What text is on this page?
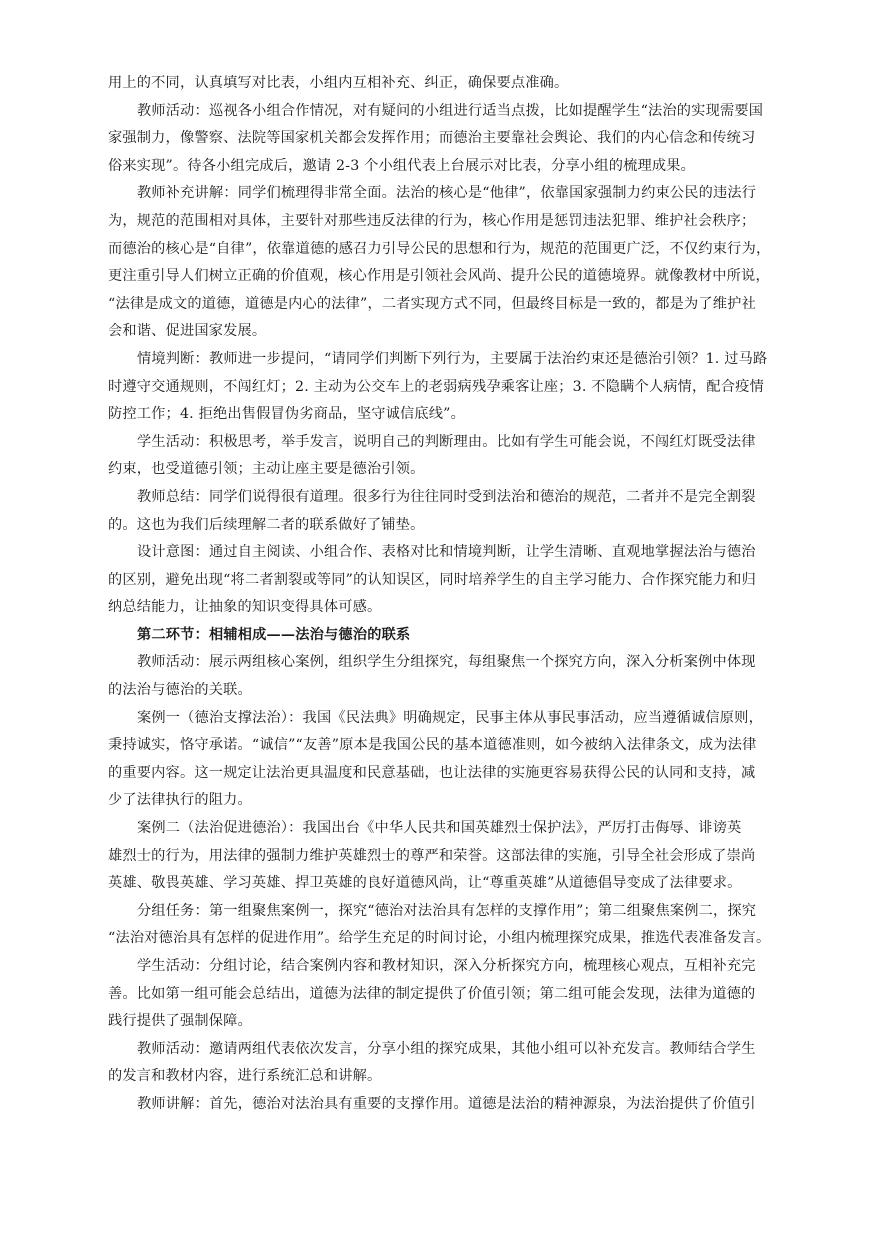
用上的不同，认真填写对比表，小组内互相补充、纠正，确保要点准确。
教师活动：巡视各小组合作情况，对有疑问的小组进行适当点拨，比如提醒学生“法治的实现需要国
家强制力，像警察、法院等国家机关都会发挥作用；而德治主要靠社会舆论、我们的内心信念和传统习
俗来实现”。待各小组完成后，邀请 2-3 个小组代表上台展示对比表，分享小组的梳理成果。
教师补充讲解：同学们梳理得非常全面。法治的核心是“他律”，依靠国家强制力约束公民的违法行
为，规范的范围相对具体，主要针对那些违反法律的行为，核心作用是惩罚违法犯罪、维护社会秩序；
而德治的核心是“自律”，依靠道德的感召力引导公民的思想和行为，规范的范围更广泛，不仅约束行为，
更注重引导人们树立正确的价值观，核心作用是引领社会风尚、提升公民的道德境界。就像教材中所说，
“法律是成文的道德，道德是内心的法律”，二者实现方式不同，但最终目标是一致的，都是为了维护社
会和谐、促进国家发展。
情境判断：教师进一步提问，“请同学们判断下列行为，主要属于法治约束还是德治引领？1. 过马路
时遵守交通规则，不闯红灯；2. 主动为公交车上的老弱病残孕乘客让座；3. 不隐瞒个人病情，配合疫情
防控工作；4. 拒绝出售假冒伪劣商品，坚守诚信底线”。
学生活动：积极思考，举手发言，说明自己的判断理由。比如有学生可能会说，不闯红灯既受法律
约束，也受道德引领；主动让座主要是德治引领。
教师总结：同学们说得很有道理。很多行为往往同时受到法治和德治的规范，二者并不是完全割裂
的。这也为我们后续理解二者的联系做好了铺垫。
设计意图：通过自主阅读、小组合作、表格对比和情境判断，让学生清晰、直观地掌握法治与德治
的区别，避免出现“将二者割裂或等同”的认知误区，同时培养学生的自主学习能力、合作探究能力和归
纳总结能力，让抽象的知识变得具体可感。
第二环节：相辅相成——法治与德治的联系
教师活动：展示两组核心案例，组织学生分组探究，每组聚焦一个探究方向，深入分析案例中体现
的法治与德治的关联。
案例一（德治支撑法治）：我国《民法典》明确规定，民事主体从事民事活动，应当遵循诚信原则，
秉持诚实，恪守承诺。“诚信”“友善”原本是我国公民的基本道德准则，如今被纳入法律条文，成为法律
的重要内容。这一规定让法治更具温度和民意基础，也让法律的实施更容易获得公民的认同和支持，减
少了法律执行的阻力。
案例二（法治促进德治）：我国出台《中华人民共和国英雄烈士保护法》，严厉打击侮辱、诽谤英
雄烈士的行为，用法律的强制力维护英雄烈士的尊严和荣誉。这部法律的实施，引导全社会形成了崇尚
英雄、敬畏英雄、学习英雄、捍卫英雄的良好道德风尚，让“尊重英雄”从道德倡导变成了法律要求。
分组任务：第一组聚焦案例一，探究“德治对法治具有怎样的支撑作用”；第二组聚焦案例二，探究
“法治对德治具有怎样的促进作用”。给学生充足的时间讨论，小组内梳理探究成果，推选代表准备发言。
学生活动：分组讨论，结合案例内容和教材知识，深入分析探究方向，梳理核心观点，互相补充完
善。比如第一组可能会总结出，道德为法律的制定提供了价值引领；第二组可能会发现，法律为道德的
践行提供了强制保障。
教师活动：邀请两组代表依次发言，分享小组的探究成果，其他小组可以补充发言。教师结合学生
的发言和教材内容，进行系统汇总和讲解。
教师讲解：首先，德治对法治具有重要的支撑作用。道德是法治的精神源泉，为法治提供了价值引
